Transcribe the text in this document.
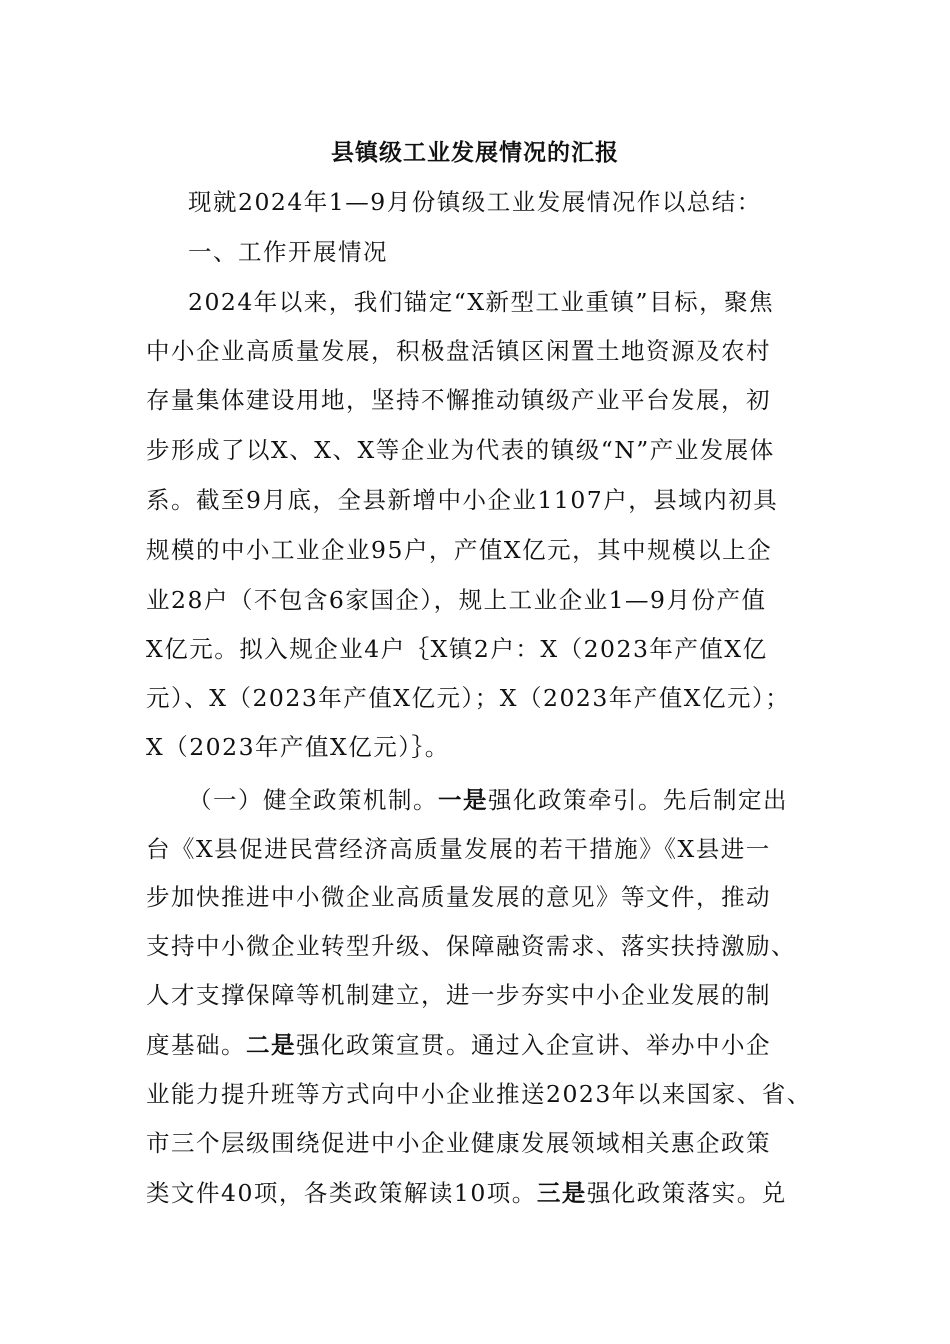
县镇级工业发展情况的汇报

现就2024年1—9月份镇级工业发展情况作以总结：

一、工作开展情况

2024年以来，我们锚定“X新型工业重镇”目标，聚焦

中小企业高质量发展，积极盘活镇区闲置土地资源及农村

存量集体建设用地，坚持不懈推动镇级产业平台发展，初

步形成了以X、X、X等企业为代表的镇级“N”产业发展体

系。截至9月底，全县新增中小企业1107户，县域内初具

规模的中小工业企业95户，产值X亿元，其中规模以上企

业28户（不包含6家国企），规上工业企业1—9月份产值

X亿元。拟入规企业4户｛X镇2户：X（2023年产值X亿

元）、X（2023年产值X亿元）；X（2023年产值X亿元）；

X（2023年产值X亿元）｝。

（一）健全政策机制。一是强化政策牵引。先后制定出

台《X县促进民营经济高质量发展的若干措施》《X县进一

步加快推进中小微企业高质量发展的意见》等文件，推动

支持中小微企业转型升级、保障融资需求、落实扶持激励、

人才支撑保障等机制建立，进一步夯实中小企业发展的制

度基础。二是强化政策宣贯。通过入企宣讲、举办中小企

业能力提升班等方式向中小企业推送2023年以来国家、省、

市三个层级围绕促进中小企业健康发展领域相关惠企政策

类文件40项，各类政策解读10项。三是强化政策落实。兑
